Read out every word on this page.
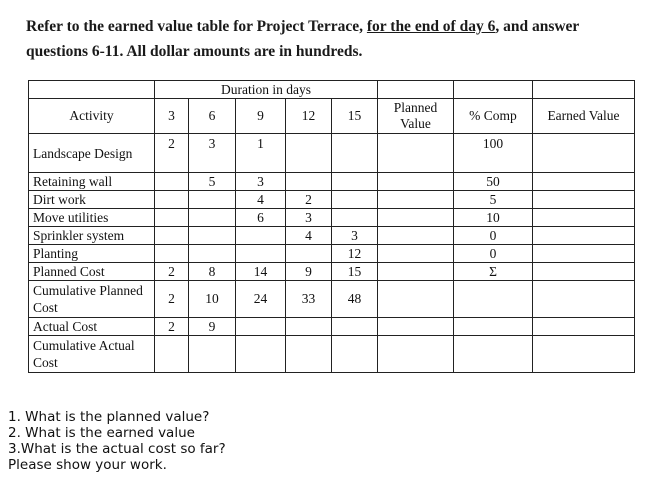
Refer to the earned value table for Project Terrace, for the end of day 6, and answer questions 6-11. All dollar amounts are in hundreds.
	Duration in days							
Activity	3	6	9	12	15	Planned Value	% Comp	Earned Value
Landscape Design	2	3	1				100	
Retaining wall		5	3				50	
Dirt work			4	2			5	
Move utilities			6	3			10	
Sprinkler system				4	3		0	
Planting					12		0	
Planned Cost	2	8	14	9	15		Σ	
Cumulative Planned Cost	2	10	24	33	48			
Actual Cost	2	9						
Cumulative Actual Cost								
1. What is the planned value?
2. What is the earned value
3.What is the actual cost so far?
Please show your work.
